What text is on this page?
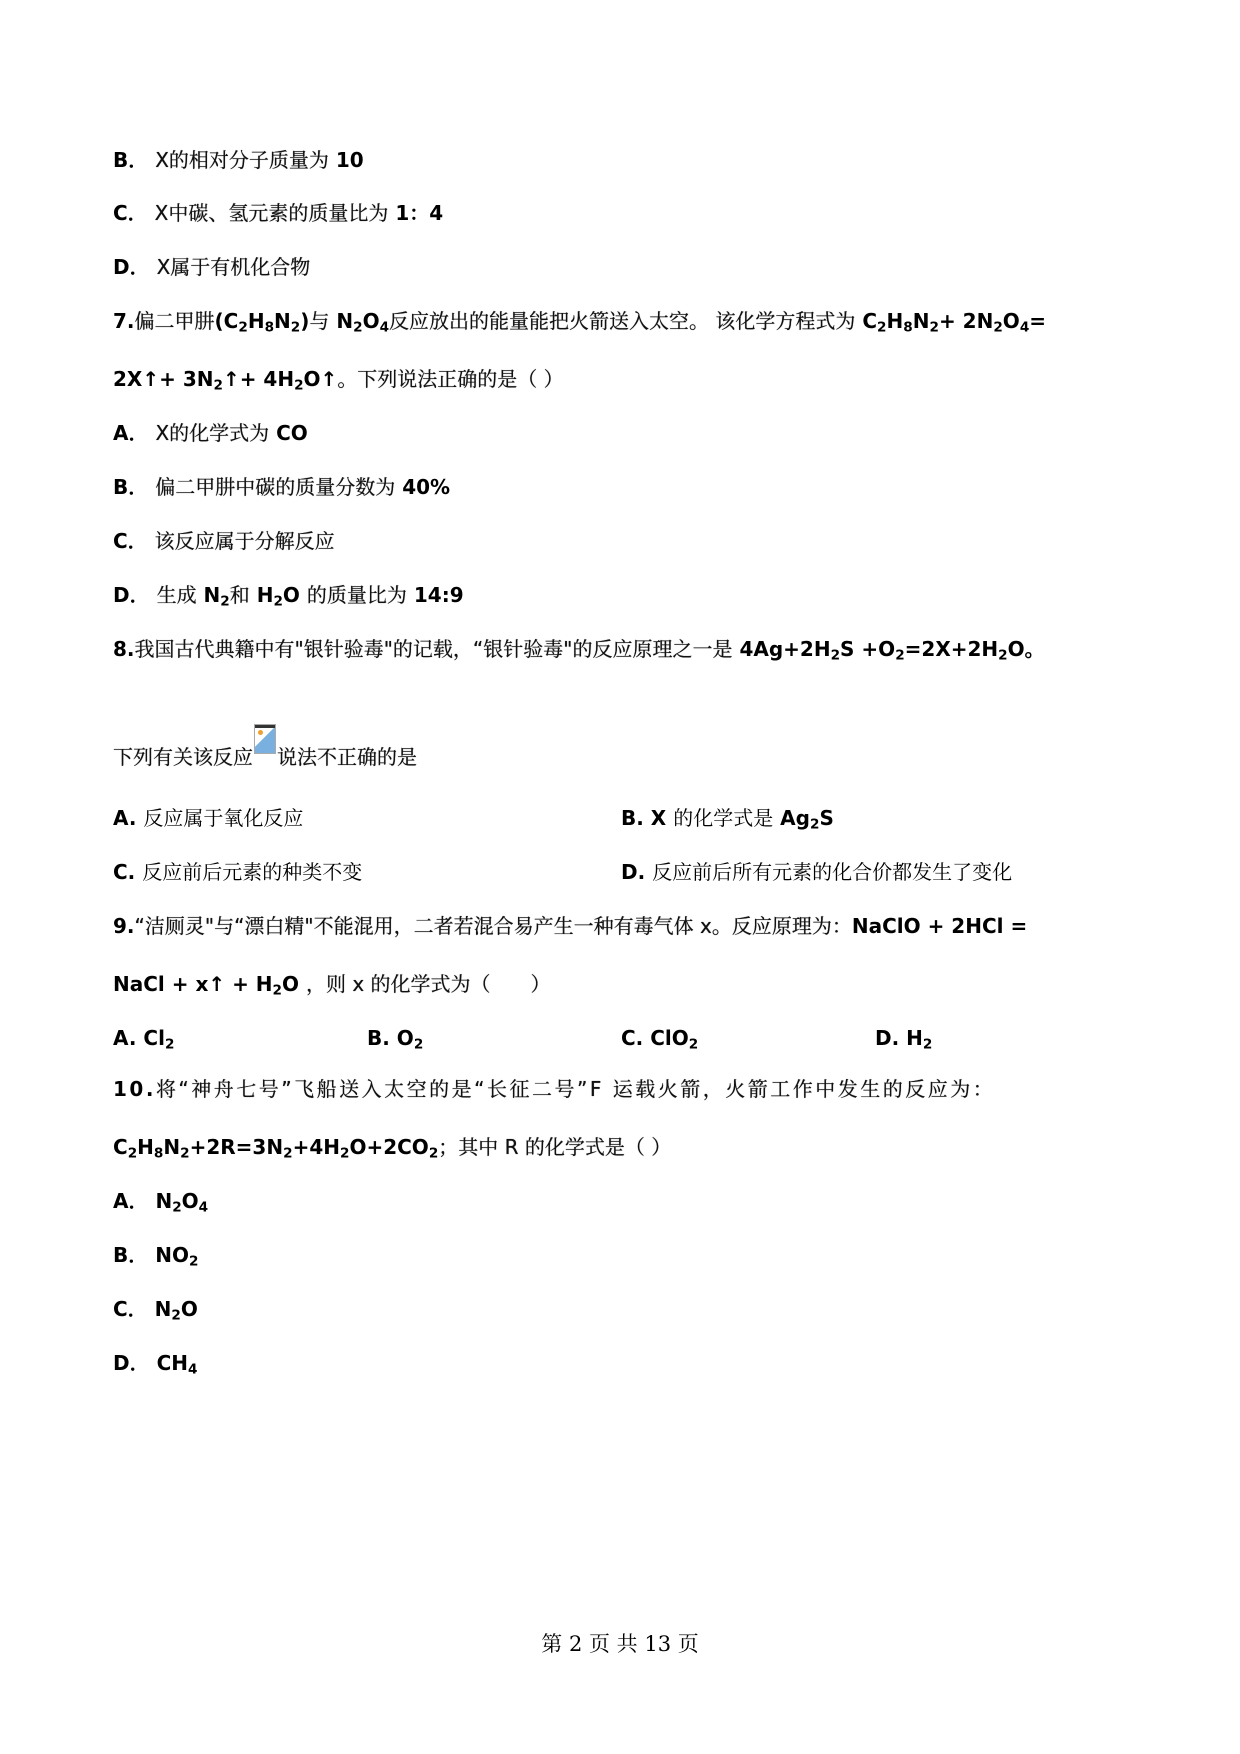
B． X的相对分子质量为 10
C． X中碳、氢元素的质量比为 1：4
D． X属于有机化合物
7.偏二甲肼$(C_2H_8N_2)$与 $N_2O_4$反应放出的能量能把火箭送入太空。 该化学方程式为 $C_2H_8N_2+ 2N_2O_4=$
2X↑+ $3N_2↑+$ $4H_2O↑$。下列说法正确的是（ ）
A． X的化学式为 CO
B． 偏二甲肼中碳的质量分数为 40%
C． 该反应属于分解反应
D． 生成 $N_2$和 $H_2O$ 的质量比为 14:9
8.我国古代典籍中有"银针验毒"的记载，“银针验毒"的反应原理之一是 $4Ag+2H_2S +O_2=2X+2H_2O$。
下列有关该反应 说法不正确的是
A. 反应属于氧化反应	B. X 的化学式是 $Ag_2S$
C. 反应前后元素的种类不变	D. 反应前后所有元素的化合价都发生了变化
9.“洁厕灵"与“漂白精"不能混用，二者若混合易产生一种有毒气体 x。反应原理为：NaClO + 2HCl =
NaCl + x↑ + $H_2O$ ，则 x 的化学式为（　　）
A. $Cl_2$	B. $O_2$	C. ClO$_2$	D. $H_2$
10.将“神舟七号”飞船送入太空的是“长征二号”F 运载火箭，火箭工作中发生的反应为：
$C_2H_8N_2+2R=3N_2+4H_2O+2CO_2$；其中 R 的化学式是（ ）
A． $N_2O_4$
B． $NO_2$
C． $N_2O$
D． $CH_4$
第 2 页 共 13 页
